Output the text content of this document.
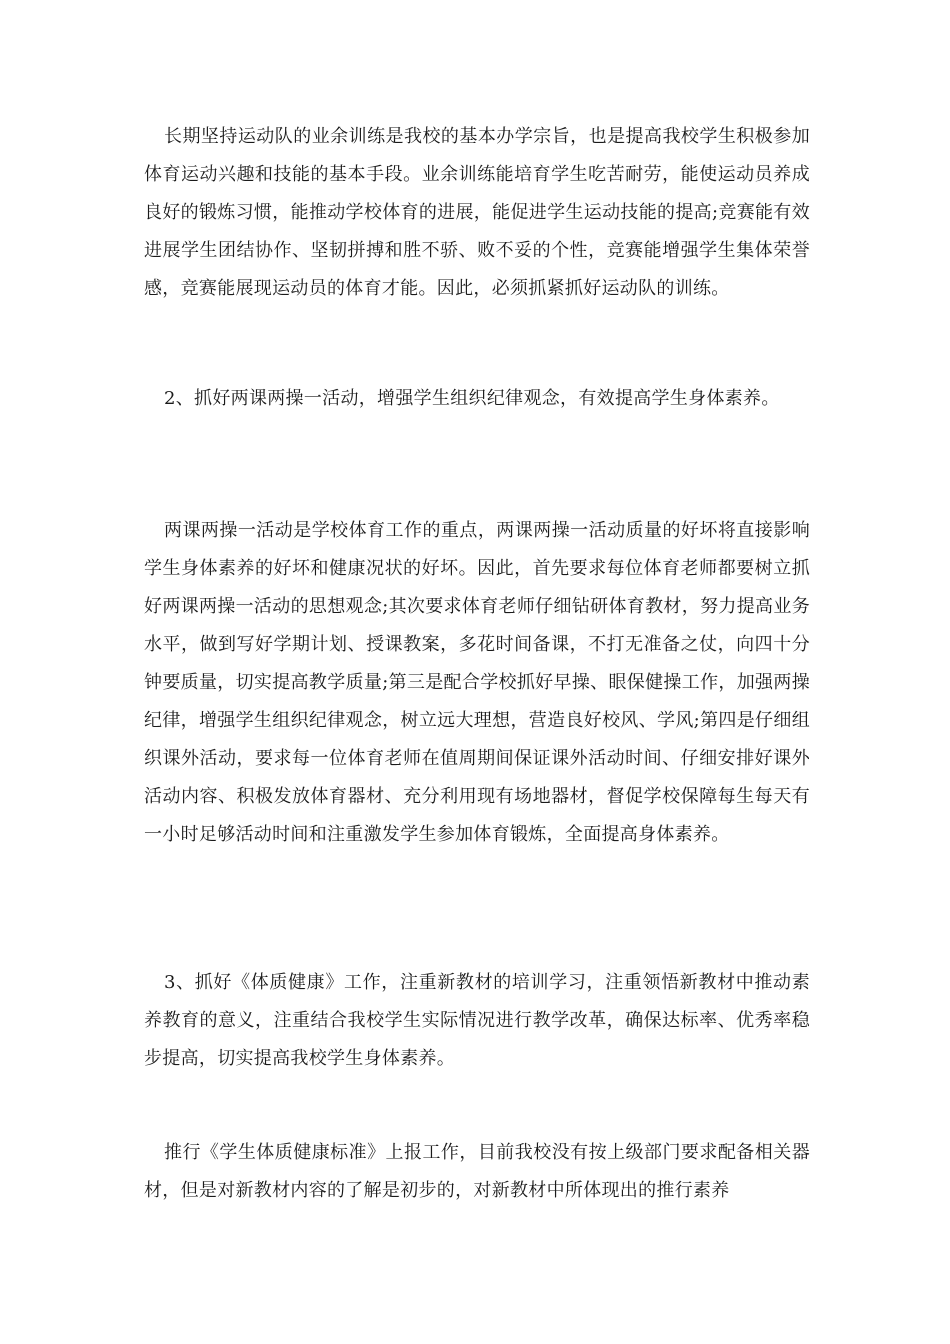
长期坚持运动队的业余训练是我校的基本办学宗旨，也是提高我校学生积极参加体育运动兴趣和技能的基本手段。业余训练能培育学生吃苦耐劳，能使运动员养成良好的锻炼习惯，能推动学校体育的进展，能促进学生运动技能的提高;竞赛能有效进展学生团结协作、坚韧拼搏和胜不骄、败不妥的个性，竞赛能增强学生集体荣誉感，竞赛能展现运动员的体育才能。因此，必须抓紧抓好运动队的训练。

2、抓好两课两操一活动，增强学生组织纪律观念，有效提高学生身体素养。

两课两操一活动是学校体育工作的重点，两课两操一活动质量的好坏将直接影响学生身体素养的好坏和健康况状的好坏。因此，首先要求每位体育老师都要树立抓好两课两操一活动的思想观念;其次要求体育老师仔细钻研体育教材，努力提高业务水平，做到写好学期计划、授课教案，多花时间备课，不打无准备之仗，向四十分钟要质量，切实提高教学质量;第三是配合学校抓好早操、眼保健操工作，加强两操纪律，增强学生组织纪律观念，树立远大理想，营造良好校风、学风;第四是仔细组织课外活动，要求每一位体育老师在值周期间保证课外活动时间、仔细安排好课外活动内容、积极发放体育器材、充分利用现有场地器材，督促学校保障每生每天有一小时足够活动时间和注重激发学生参加体育锻炼，全面提高身体素养。

3、抓好《体质健康》工作，注重新教材的培训学习，注重领悟新教材中推动素养教育的意义，注重结合我校学生实际情况进行教学改革，确保达标率、优秀率稳步提高，切实提高我校学生身体素养。

推行《学生体质健康标准》上报工作，目前我校没有按上级部门要求配备相关器材，但是对新教材内容的了解是初步的，对新教材中所体现出的推行素养
